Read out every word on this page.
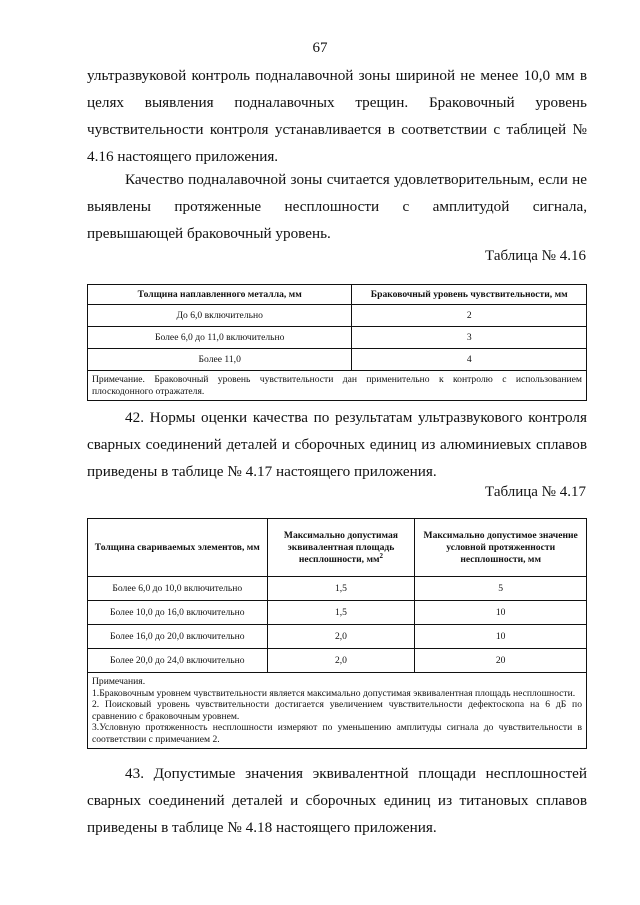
67

ультразвуковой контроль подналавочной зоны шириной не менее 10,0 мм в целях выявления подналавочных трещин. Браковочный уровень чувствительности контроля устанавливается в соответствии с таблицей № 4.16 настоящего приложения.

Качество подналавочной зоны считается удовлетворительным, если не выявлены протяженные несплошности с амплитудой сигнала, превышающей браковочный уровень.

Таблица № 4.16
Толщина наплавленного металла, мм	Браковочный уровень чувствительности, мм
До 6,0 включительно	2
Более 6,0 до 11,0 включительно	3
Более 11,0	4
Примечание. Браковочный уровень чувствительности дан применительно к контролю с использованием плоскодонного отражателя.	

42. Нормы оценки качества по результатам ультразвукового контроля сварных соединений деталей и сборочных единиц из алюминиевых сплавов приведены в таблице № 4.17 настоящего приложения.

Таблица № 4.17
Толщина свариваемых элементов, мм	Максимально допустимая эквивалентная площадь несплошности, $мм^2$	Максимально допустимое значение условной протяженности несплошности, мм
Более 6,0 до 10,0 включительно	1,5	5
Более 10,0 до 16,0 включительно	1,5	10
Более 16,0 до 20,0 включительно	2,0	10
Более 20,0 до 24,0 включительно	2,0	20

Примечания.
1.Браковочным уровнем чувствительности является максимально допустимая эквивалентная площадь несплошности.
2. Поисковый уровень чувствительности достигается увеличением чувствительности дефектоскопа на 6 дБ по сравнению с браковочным уровнем.
3.Условную протяженность несплошности измеряют по уменьшению амплитуды сигнала до чувствительности в соответствии с примечанием 2.		

43. Допустимые значения эквивалентной площади несплошностей сварных соединений деталей и сборочных единиц из титановых сплавов приведены в таблице № 4.18 настоящего приложения.
